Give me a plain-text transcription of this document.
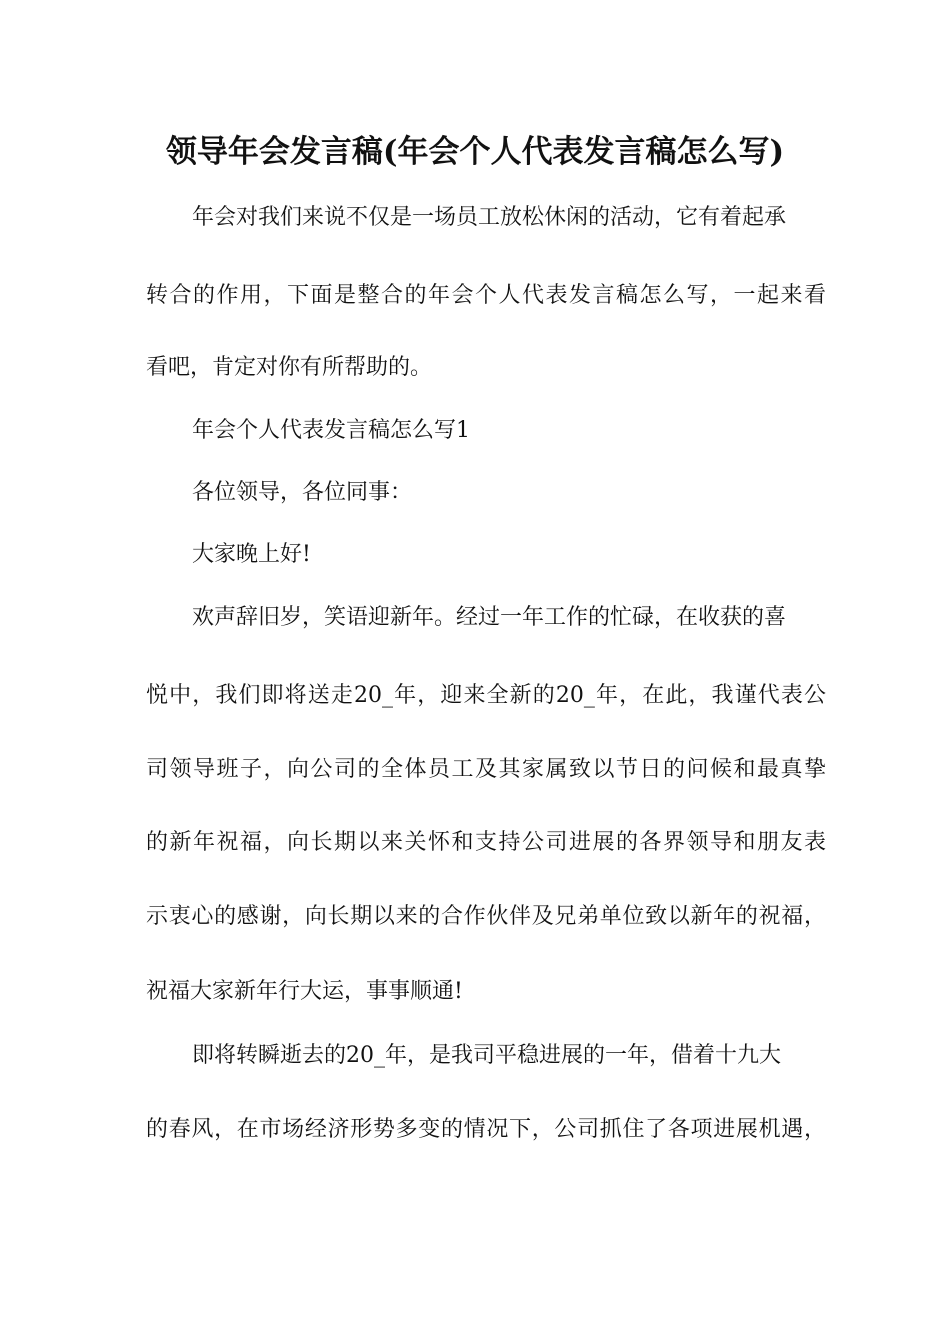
领导年会发言稿(年会个人代表发言稿怎么写)

年会对我们来说不仅是一场员工放松休闲的活动，它有着起承

转合的作用，下面是整合的年会个人代表发言稿怎么写，一起来看

看吧，肯定对你有所帮助的。

年会个人代表发言稿怎么写1

各位领导，各位同事：

大家晚上好!

欢声辞旧岁，笑语迎新年。经过一年工作的忙碌，在收获的喜

悦中，我们即将送走20_年，迎来全新的20_年，在此，我谨代表公

司领导班子，向公司的全体员工及其家属致以节日的问候和最真挚

的新年祝福，向长期以来关怀和支持公司进展的各界领导和朋友表

示衷心的感谢，向长期以来的合作伙伴及兄弟单位致以新年的祝福，

祝福大家新年行大运，事事顺通!

即将转瞬逝去的20_年，是我司平稳进展的一年，借着十九大

的春风，在市场经济形势多变的情况下，公司抓住了各项进展机遇，
